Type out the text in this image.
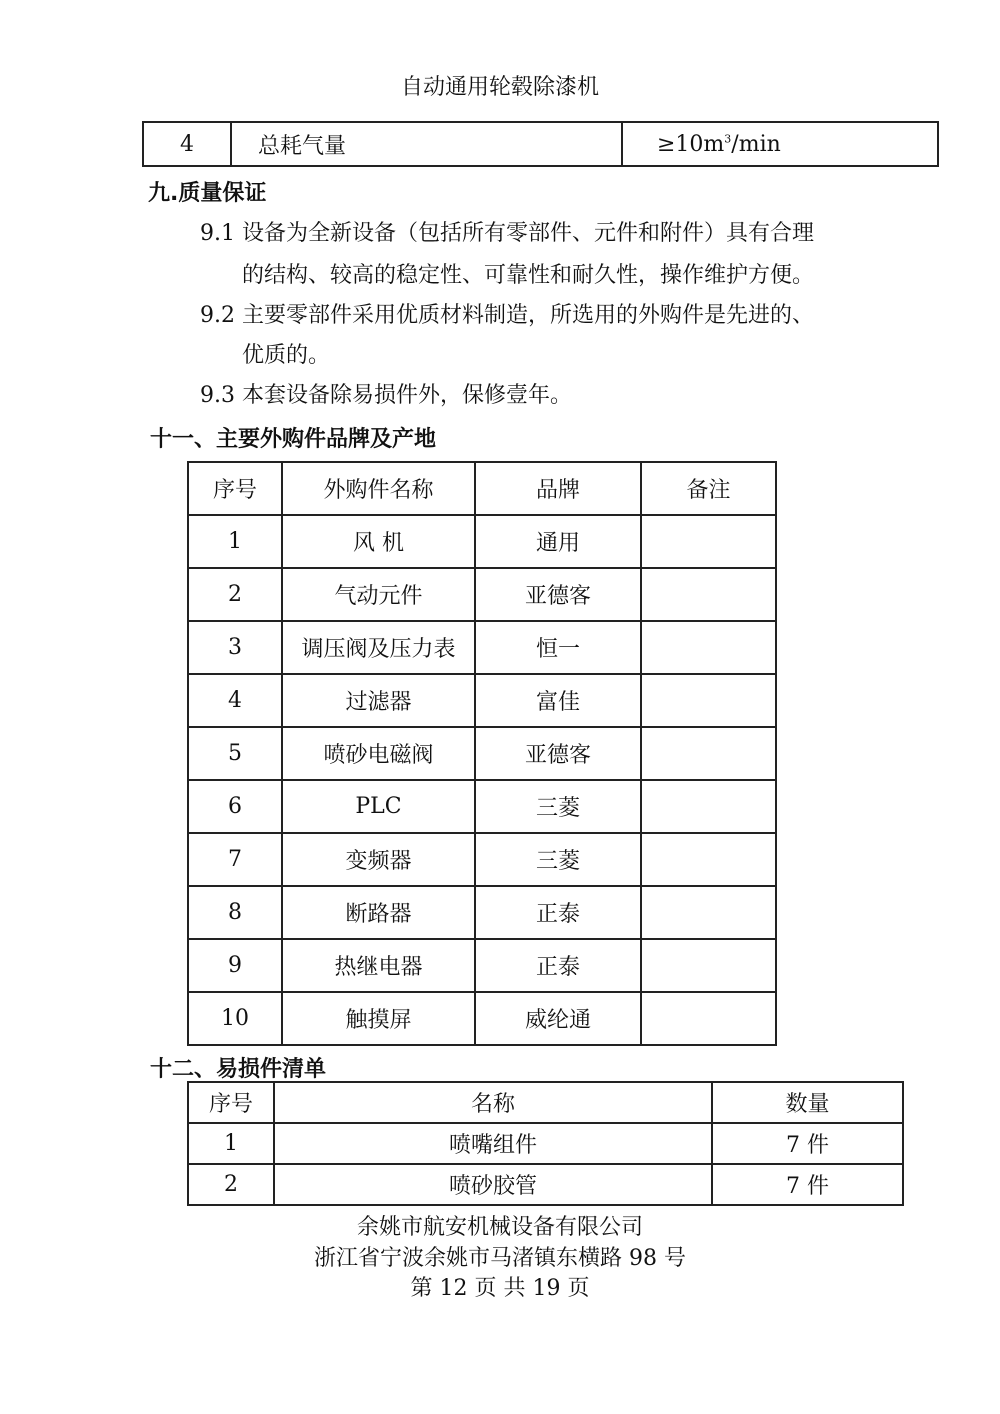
自动通用轮毂除漆机
4	总耗气量	$\ge 10m^3/\min$
九.质量保证
9.1 设备为全新设备（包括所有零部件、元件和附件）具有合理
的结构、较高的稳定性、可靠性和耐久性，操作维护方便。
9.2 主要零部件采用优质材料制造，所选用的外购件是先进的、
优质的。
9.3 本套设备除易损件外，保修壹年。
十一、主要外购件品牌及产地
序号	外购件名称	品牌	备注
1	风 机	通用	
2	气动元件	亚德客	
3	调压阀及压力表	恒一	
4	过滤器	富佳	
5	喷砂电磁阀	亚德客	
6	PLC	三菱	
7	变频器	三菱	
8	断路器	正泰	
9	热继电器	正泰	
10	触摸屏	威纶通	
十二、易损件清单
序号	名称	数量
1	喷嘴组件	7 件
2	喷砂胶管	7 件
余姚市航安机械设备有限公司
浙江省宁波余姚市马渚镇东横路 98 号
第 12 页 共 19 页
